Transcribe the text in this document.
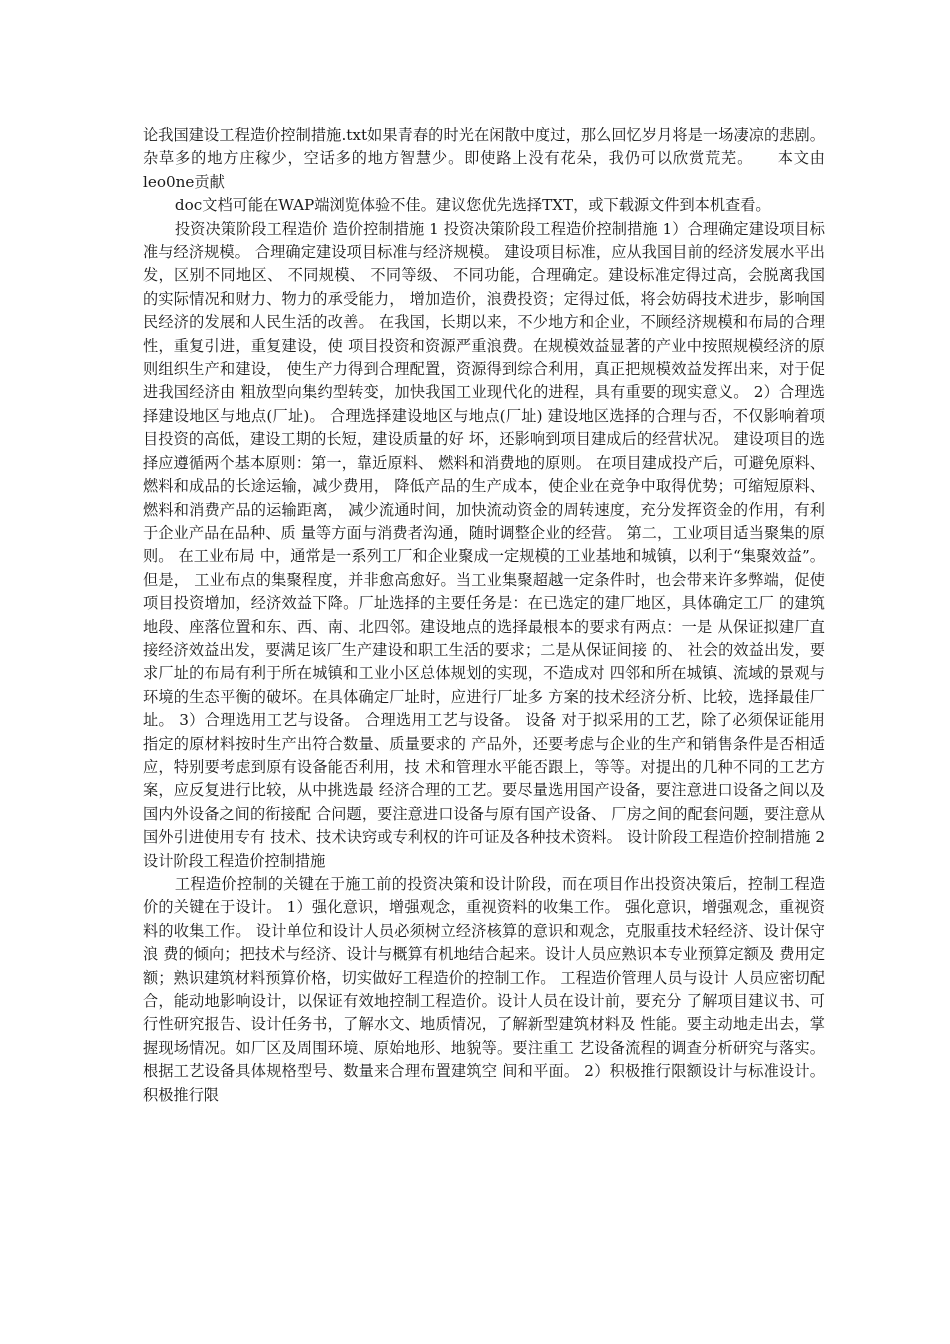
论我国建设工程造价控制措施.txt如果青春的时光在闲散中度过，那么回忆岁月将是一场凄凉的悲剧。杂草多的地方庄稼少，空话多的地方智慧少。即使路上没有花朵，我仍可以欣赏荒芜。　　本文由leo0ne贡献

doc文档可能在WAP端浏览体验不佳。建议您优先选择TXT，或下载源文件到本机查看。

投资决策阶段工程造价 造价控制措施 1 投资决策阶段工程造价控制措施 1）合理确定建设项目标准与经济规模。 合理确定建设项目标准与经济规模。 建设项目标准，应从我国目前的经济发展水平出发，区别不同地区、 不同规模、 不同等级、 不同功能，合理确定。建设标准定得过高，会脱离我国的实际情况和财力、物力的承受能力， 增加造价，浪费投资；定得过低，将会妨碍技术进步，影响国民经济的发展和人民生活的改善。 在我国，长期以来，不少地方和企业，不顾经济规模和布局的合理性，重复引进，重复建设，使 项目投资和资源严重浪费。在规模效益显著的产业中按照规模经济的原则组织生产和建设， 使生产力得到合理配置，资源得到综合利用，真正把规模效益发挥出来，对于促进我国经济由 粗放型向集约型转变，加快我国工业现代化的进程，具有重要的现实意义。 2）合理选择建设地区与地点(厂址)。 合理选择建设地区与地点(厂址) 建设地区选择的合理与否，不仅影响着项目投资的高低，建设工期的长短，建设质量的好 坏，还影响到项目建成后的经营状况。 建设项目的选择应遵循两个基本原则：第一，靠近原料、 燃料和消费地的原则。 在项目建成投产后，可避免原料、燃料和成品的长途运输，减少费用， 降低产品的生产成本，使企业在竞争中取得优势；可缩短原料、燃料和消费产品的运输距离， 减少流通时间，加快流动资金的周转速度，充分发挥资金的作用，有利于企业产品在品种、质 量等方面与消费者沟通，随时调整企业的经营。 第二，工业项目适当聚集的原则。 在工业布局 中，通常是一系列工厂和企业聚成一定规模的工业基地和城镇，以利于“集聚效益”。但是， 工业布点的集聚程度，并非愈高愈好。当工业集聚超越一定条件时，也会带来许多弊端，促使 项目投资增加，经济效益下降。厂址选择的主要任务是：在已选定的建厂地区，具体确定工厂 的建筑地段、座落位置和东、西、南、北四邻。建设地点的选择最根本的要求有两点：一是 从保证拟建厂直接经济效益出发，要满足该厂生产建设和职工生活的要求；二是从保证间接 的、 社会的效益出发，要求厂址的布局有利于所在城镇和工业小区总体规划的实现，不造成对 四邻和所在城镇、流域的景观与环境的生态平衡的破坏。在具体确定厂址时，应进行厂址多 方案的技术经济分析、比较，选择最佳厂址。 3）合理选用工艺与设备。 合理选用工艺与设备。 设备 对于拟采用的工艺，除了必须保证能用指定的原材料按时生产出符合数量、质量要求的 产品外，还要考虑与企业的生产和销售条件是否相适应，特别要考虑到原有设备能否利用，技 术和管理水平能否跟上，等等。对提出的几种不同的工艺方案，应反复进行比较，从中挑选最 经济合理的工艺。要尽量选用国产设备，要注意进口设备之间以及国内外设备之间的衔接配 合问题，要注意进口设备与原有国产设备、 厂房之间的配套问题，要注意从国外引进使用专有 技术、技术诀窍或专利权的许可证及各种技术资料。 设计阶段工程造价控制措施 2 设计阶段工程造价控制措施

工程造价控制的关键在于施工前的投资决策和设计阶段，而在项目作出投资决策后，控制工程造价的关键在于设计。 1）强化意识，增强观念，重视资料的收集工作。 强化意识，增强观念，重视资料的收集工作。 设计单位和设计人员必须树立经济核算的意识和观念，克服重技术轻经济、设计保守浪 费的倾向；把技术与经济、设计与概算有机地结合起来。设计人员应熟识本专业预算定额及 费用定额；熟识建筑材料预算价格，切实做好工程造价的控制工作。 工程造价管理人员与设计 人员应密切配合，能动地影响设计，以保证有效地控制工程造价。设计人员在设计前，要充分 了解项目建议书、可行性研究报告、设计任务书，了解水文、地质情况，了解新型建筑材料及 性能。要主动地走出去，掌握现场情况。如厂区及周围环境、原始地形、地貌等。要注重工 艺设备流程的调查分析研究与落实。根据工艺设备具体规格型号、数量来合理布置建筑空 间和平面。 2）积极推行限额设计与标准设计。 积极推行限
